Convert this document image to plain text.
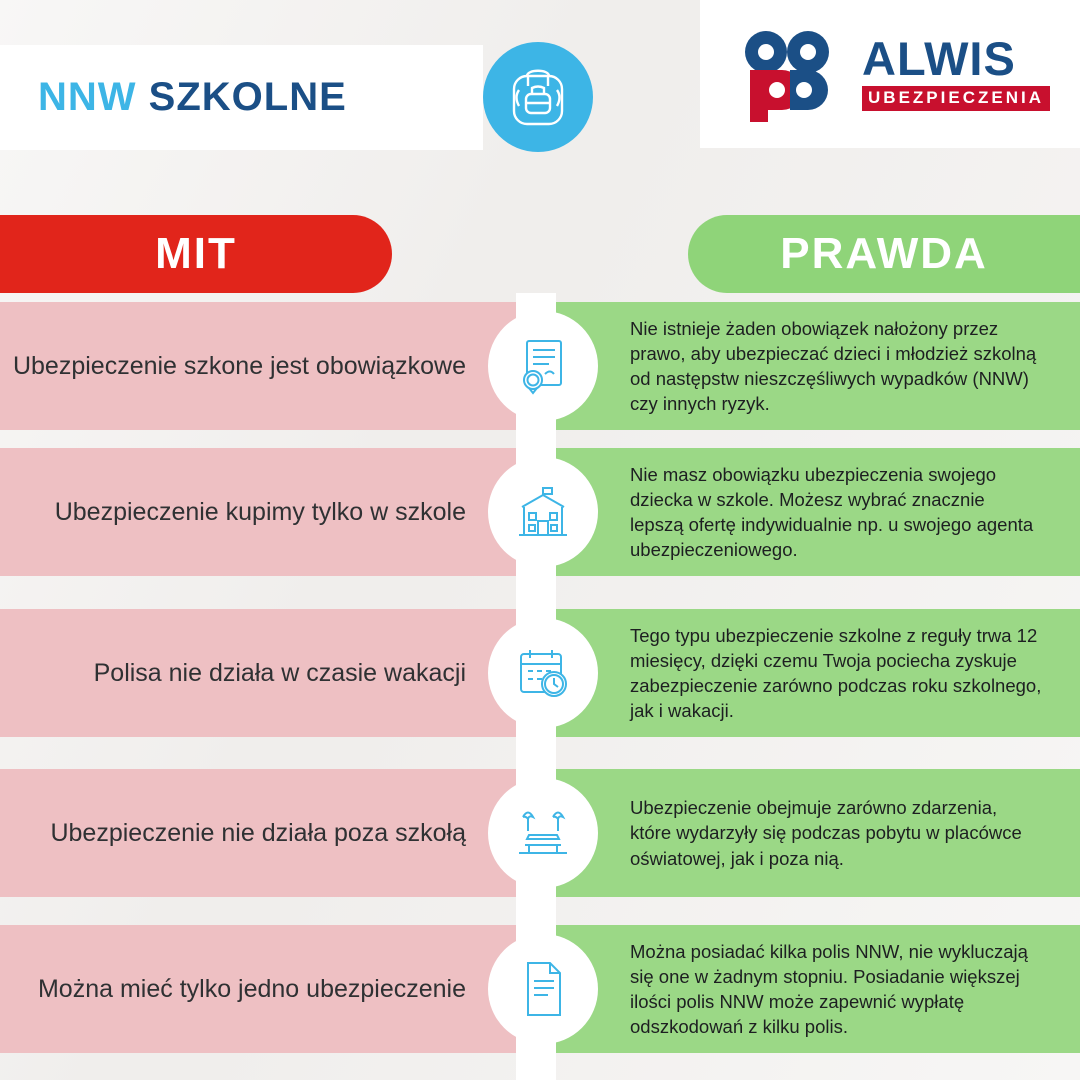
NNW SZKOLNE
ALWIS
UBEZPIECZENIA
MIT	PRAWDA
Ubezpieczenie szkone jest obowiązkowe
Nie istnieje żaden obowiązek nałożony przez prawo, aby ubezpieczać dzieci i młodzież szkolną od następstw nieszczęśliwych wypadków (NNW) czy innych ryzyk.
Ubezpieczenie kupimy tylko w szkole
Nie masz obowiązku ubezpieczenia swojego dziecka w szkole. Możesz wybrać znacznie lepszą ofertę indywidualnie np. u swojego agenta ubezpieczeniowego.
Polisa nie działa w czasie wakacji
Tego typu ubezpieczenie szkolne z reguły trwa 12 miesięcy, dzięki czemu Twoja pociecha zyskuje zabezpieczenie zarówno podczas roku szkolnego, jak i wakacji.
Ubezpieczenie nie działa poza szkołą
Ubezpieczenie obejmuje zarówno zdarzenia, które wydarzyły się podczas pobytu w placówce oświatowej, jak i poza nią.
Można mieć tylko jedno ubezpieczenie
Można posiadać kilka polis NNW, nie wykluczają się one w żadnym stopniu. Posiadanie większej ilości polis NNW może zapewnić wypłatę odszkodowań z kilku polis.
